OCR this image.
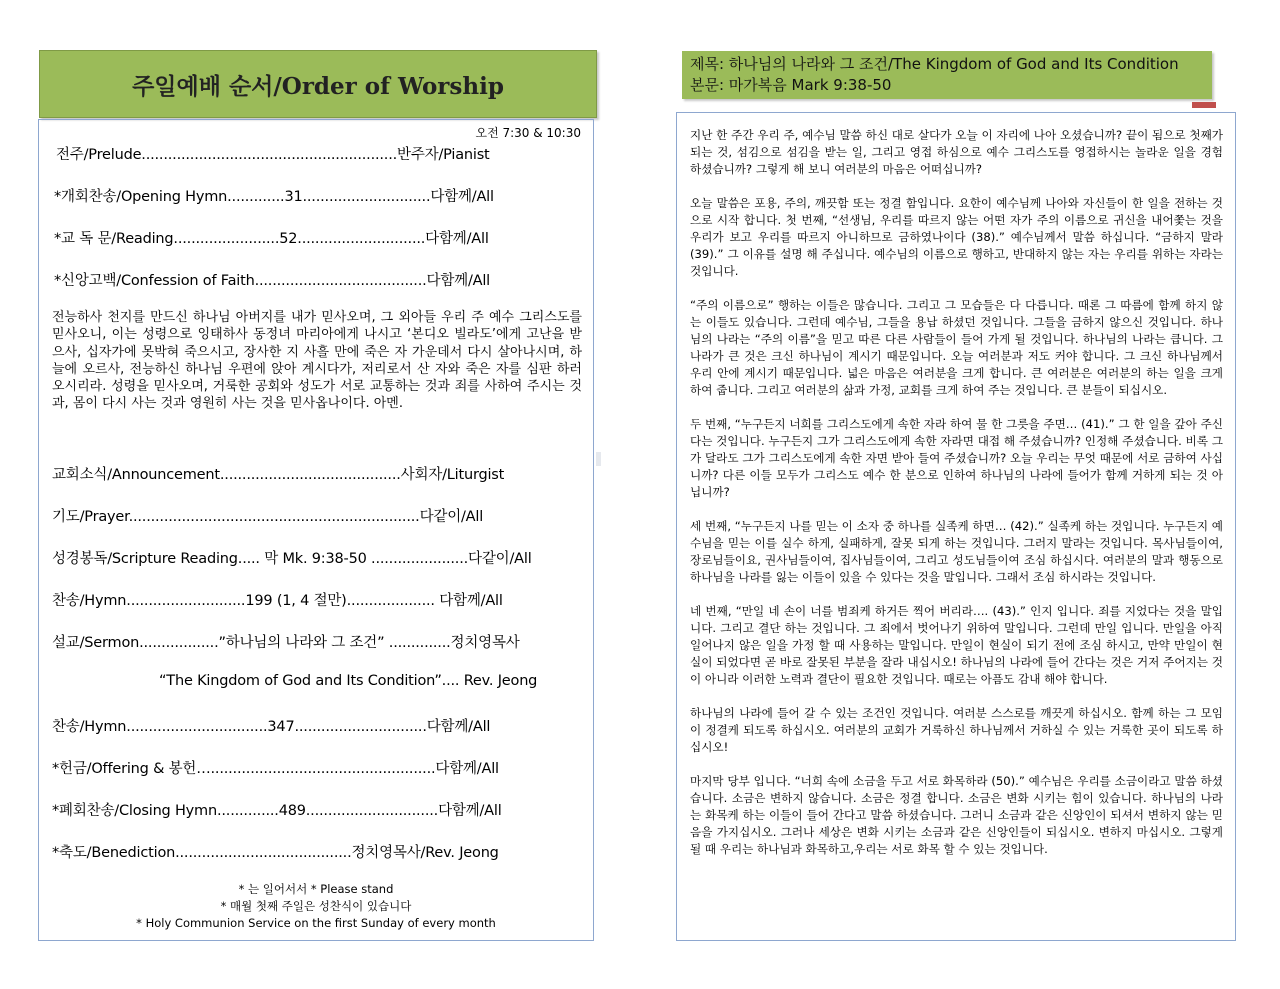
주일예배 순서/Order of Worship
오전 7:30 & 10:30
전주/Prelude..........................................................반주자/Pianist
*개회찬송/Opening Hymn.............31.............................다함께/All
*교 독 문/Reading........................52.............................다함께/All
*신앙고백/Confession of Faith.......................................다함께/All
전능하사 천지를 만드신 하나님 아버지를 내가 믿사오며, 그 외아들 우리 주 예수 그리스도를 믿사오니, 이는 성령으로 잉태하사 동정녀 마리아에게 나시고 ‘본디오 빌라도’에게 고난을 받으사, 십자가에 못박혀 죽으시고, 장사한 지 사흘 만에 죽은 자 가운데서 다시 살아나시며, 하늘에 오르사, 전능하신 하나님 우편에 앉아 계시다가, 저리로서 산 자와 죽은 자를 심판 하러 오시리라. 성령을 믿사오며, 거룩한 공회와 성도가 서로 교통하는 것과 죄를 사하여 주시는 것과, 몸이 다시 사는 것과 영원히 사는 것을 믿사옵나이다. 아멘.
교회소식/Announcement.........................................사회자/Liturgist
기도/Prayer..................................................................다같이/All
성경봉독/Scripture Reading..... 막 Mk. 9:38-50 ......................다같이/All
찬송/Hymn...........................199 (1, 4 절만).................... 다함께/All
설교/Sermon..................”하나님의 나라와 그 조건” ..............정치영목사
“The Kingdom of God and Its Condition”.... Rev. Jeong
찬송/Hymn................................347..............................다함께/All
*헌금/Offering & 봉헌…...................................................다함께/All
*폐회찬송/Closing Hymn..............489..............................다함께/All
*축도/Benediction........................................정치영목사/Rev. Jeong
* 는 일어서서 * Please stand
* 매월 첫째 주일은 성찬식이 있습니다
* Holy Communion Service on the first Sunday of every month
제목: 하나님의 나라와 그 조건/The Kingdom of God and Its Condition
본문: 마가복음 Mark 9:38-50

지난 한 주간 우리 주, 예수님 말씀 하신 대로 살다가 오늘 이 자리에 나아 오셨습니까? 끝이 됨으로 첫째가 되는 것, 섬김으로 섬김을 받는 일, 그리고 영접 하심으로 예수 그리스도를 영접하시는 놀라운 일을 경험 하셨습니까? 그렇게 해 보니 여러분의 마음은 어떠십니까?

오늘 말씀은 포용, 주의, 깨끗함 또는 정결 함입니다. 요한이 예수님께 나아와 자신들이 한 일을 전하는 것으로 시작 합니다. 첫 번째, “선생님, 우리를 따르지 않는 어떤 자가 주의 이름으로 귀신을 내어쫓는 것을 우리가 보고 우리를 따르지 아니하므로 금하였나이다 (38).” 예수님께서 말씀 하십니다. “금하지 말라 (39).” 그 이유를 설명 해 주십니다. 예수님의 이름으로 행하고, 반대하지 않는 자는 우리를 위하는 자라는 것입니다.

“주의 이름으로” 행하는 이들은 많습니다. 그리고 그 모습들은 다 다릅니다. 때론 그 따름에 함께 하지 않는 이들도 있습니다. 그런데 예수님, 그들을 용납 하셨던 것입니다. 그들을 금하지 않으신 것입니다. 하나님의 나라는 “주의 이름”을 믿고 따른 다른 사람들이 들어 가게 될 것입니다. 하나님의 나라는 큽니다. 그 나라가 큰 것은 크신 하나님이 계시기 때문입니다. 오늘 여러분과 저도 커야 합니다. 그 크신 하나님께서 우리 안에 계시기 때문입니다. 넓은 마음은 여러분을 크게 합니다. 큰 여러분은 여러분의 하는 일을 크게 하여 줍니다. 그리고 여러분의 삶과 가정, 교회를 크게 하여 주는 것입니다. 큰 분들이 되십시오.

두 번째, “누구든지 너희를 그리스도에게 속한 자라 하여 물 한 그릇을 주면… (41).” 그 한 일을 갚아 주신다는 것입니다. 누구든지 그가 그리스도에게 속한 자라면 대접 해 주셨습니까? 인정해 주셨습니다. 비록 그가 달라도 그가 그리스도에게 속한 자면 받아 들여 주셨습니까? 오늘 우리는 무엇 때문에 서로 금하여 사십니까? 다른 이들 모두가 그리스도 예수 한 분으로 인하여 하나님의 나라에 들어가 함께 거하게 되는 것 아닙니까?

세 번째, “누구든지 나를 믿는 이 소자 중 하나를 실족케 하면… (42).” 실족케 하는 것입니다. 누구든지 예수님을 믿는 이를 실수 하게, 실패하게, 잘못 되게 하는 것입니다. 그러지 말라는 것입니다. 목사님들이여, 장로님들이요, 권사님들이여, 집사님들이여, 그리고 성도님들이여 조심 하십시다. 여러분의 말과 행동으로 하나님을 나라를 잃는 이들이 있을 수 있다는 것을 말입니다. 그래서 조심 하시라는 것입니다.

네 번째, “만일 네 손이 너를 범죄케 하거든 찍어 버리라…. (43).” 인지 입니다. 죄를 지었다는 것을 말입니다. 그리고 결단 하는 것입니다. 그 죄에서 벗어나기 위하여 말입니다. 그런데 만일 입니다. 만일을 아직 일어나지 않은 일을 가정 할 때 사용하는 말입니다. 만일이 현실이 되기 전에 조심 하시고, 만약 만일이 현실이 되었다면 곧 바로 잘못된 부분을 잘라 내십시오! 하나님의 나라에 들어 간다는 것은 거저 주어지는 것이 아니라 이러한 노력과 결단이 필요한 것입니다. 때로는 아픔도 감내 해야 합니다.

하나님의 나라에 들어 갈 수 있는 조건인 것입니다. 여러분 스스로를 깨끗게 하십시오. 함께 하는 그 모임이 정결케 되도록 하십시오. 여러분의 교회가 거룩하신 하나님께서 거하실 수 있는 거룩한 곳이 되도록 하십시오!

마지막 당부 입니다. “너희 속에 소금을 두고 서로 화목하라 (50).” 예수님은 우리를 소금이라고 말씀 하셨습니다. 소금은 변하지 않습니다. 소금은 정결 합니다. 소금은 변화 시키는 힘이 있습니다. 하나님의 나라는 화목케 하는 이들이 들어 간다고 말씀 하셨습니다. 그러니 소금과 같은 신앙인이 되셔서 변하지 않는 믿음을 가지십시오. 그러나 세상은 변화 시키는 소금과 같은 신앙인들이 되십시오. 변하지 마십시오. 그렇게 될 때 우리는 하나님과 화목하고,우리는 서로 화목 할 수 있는 것입니다.
